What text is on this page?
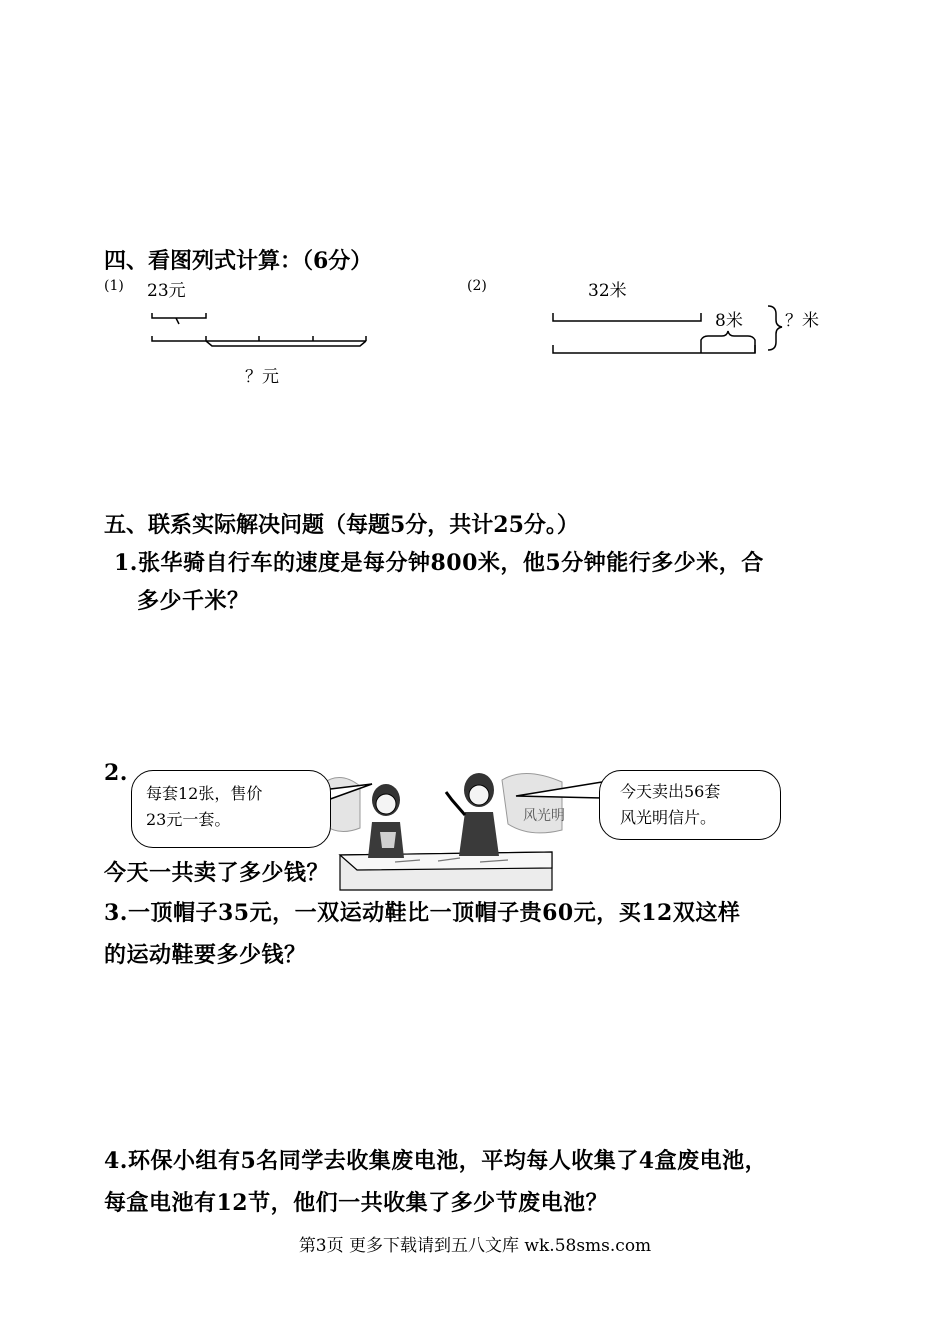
四、看图列式计算：（6分）
(1) 23元
？元
(2)	32米
8米 ？米
五、联系实际解决问题（每题5分，共计25分。）
1.张华骑自行车的速度是每分钟800米，他5分钟能行多少米，合
多少千米？
2.
风光明
每套12张，售价
23元一套。
今天卖出56套
风光明信片。
今天一共卖了多少钱？
3.一顶帽子35元，一双运动鞋比一顶帽子贵60元，买12双这样
的运动鞋要多少钱？
4.环保小组有5名同学去收集废电池，平均每人收集了4盒废电池，
每盒电池有12节，他们一共收集了多少节废电池？
第3页 更多下载请到五八文库 wk.58sms.com
